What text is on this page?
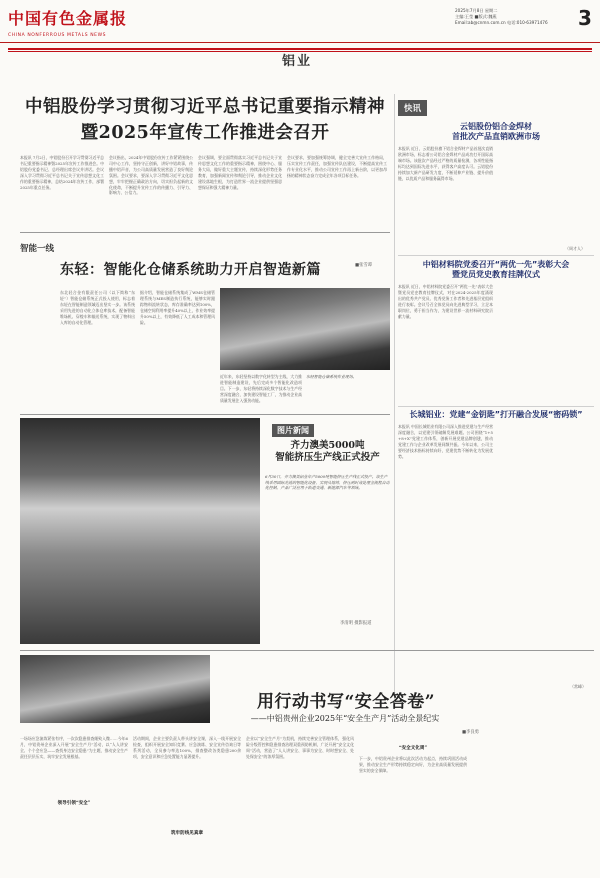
中国有色金属报
CHINA NONFERROUS METALS NEWS
铝业
2025年7月8日 星期二
主编:王莹 ■版式:魏燕
Email:ab@cnmn.com.cn 电话:010-63971476 3
中铝股份学习贯彻习近平总书记重要指示精神
暨2025年宣传工作推进会召开
本报讯 7月2日，中铝股份召开学习贯彻习近平总书记重要指示精神暨2025年宣传工作推进会。中铝股份党委书记、总经理出席会议并讲话。会议深入学习贯彻习近平总书记关于宣传思想文化工作的重要指示精神，总结2024年宣传工作，部署2025年重点任务。
会议指出，2024年中铝股份宣传工作紧紧围绕公司中心工作，坚持守正创新，讲好中铝故事，传播中铝声音，为公司高质量发展营造了良好舆论氛围。会议要求，要深入学习贯彻习近平文化思想，牢牢把握正确政治方向，切实担负起新的文化使命，不断提升宣传工作的传播力、引导力、影响力、公信力。
会议强调，要全面贯彻落实习近平总书记关于宣传思想文化工作的重要指示精神，围绕中心、服务大局，做好重大主题宣传，持续深化形势任务教育，加强新闻宣传和舆论引导，推动企业文化建设落地生根，为打造世界一流企业提供坚强思想保证和强大精神力量。
会议要求，要加强统筹协调，健全完善大宣传工作格局，压实宣传工作责任，加强宣传队伍建设，不断提高宣传工作专业化水平，推动公司宣传工作再上新台阶，以更加昂扬的精神状态奋力完成全年各项目标任务。
快讯
云铝股份铝合金焊材
首批次产品直销欧洲市场
本报讯 近日，云铝股份旗下铝合金焊材产品首批次直销欧洲市场，标志着公司铝合金焊材产品成功打开国际高端市场。该批次产品经过严格的质量检测，各项性能指标均达到国际先进水平，获得客户高度认可。云铝股份持续加大新产品研发力度，不断延伸产业链、提升价值链，以优质产品和服务赢得市场。
（周才人）
中铝材料院党委召开“两优一先”表彰大会
暨党员党史教育挂牌仪式
本报讯 近日，中铝材料院党委召开“两优一先”表彰大会暨党员党史教育挂牌仪式，对在2024-2025年度涌现出的优秀共产党员、优秀党务工作者和先进基层党组织进行表彰。会议号召全体党员向先进典型学习，立足本职岗位，勇于担当作为，为建设世界一流材料研究院贡献力量。
长城铝业：党建“金钥匙”打开融合发展“密码锁”
本报讯 中国长城铝业有限公司深入推进党建与生产经营深度融合，以党建引领破解发展难题。公司围绕“1+5+8+X”党建工作体系，创新开展党建品牌创建，推动党建工作与企业改革发展同频共振。今年以来，公司主要经济技术指标持续向好，党建优势不断转化为发展优势。
（常峰）
智能一线
东轻：智能化仓储系统助力开启智造新篇	■张雪谭
东北轻合金有限责任公司（以下简称“东轻”）智能仓储系统正式投入使用，标志着东轻在智能制造领域迈出坚实一步。该系统采用先进的自动化立体仓库技术，配备智能堆垛机、穿梭车和输送系统，实现了物料出入库的自动化管理。
据介绍，智能仓储系统集成了WMS仓储管理系统与MES制造执行系统，能够实时跟踪物料流转状态，库存准确率达到100%，仓储空间利用率提升40%以上，作业效率提升50%以上，有效降低了人工成本和管理风险。
近年来，东轻坚持以数字化转型为主线，大力推进智能制造建设，先后完成多个智能化改造项目。下一步，东轻将持续深化数字技术与生产经营深度融合，加快建设智能工厂，为推动企业高质量发展注入强劲动能。
东轻智能仓储系统作业现场。
图片新闻
齐力澳美5000吨
智能挤压生产线正式投产
6月30日，齐力澳美铝业年产5000吨智能挤压生产线正式投产。该生产线采用国际先进的智能化设备，实现从熔铸、挤压到时效处理全流程自动化控制，产品广泛应用于轨道交通、新能源汽车等领域。
李清明 摄影报道
用行动书写“安全答卷”
——中铝贵州企业2025年“安全生产月”活动全景纪实
■李良勇
一场场应急演练紧张有序，一次次隐患排查细致入微……今年6月，中铝贵州企业深入开展“安全生产月”活动，以“人人讲安全、个个会应急——查找身边安全隐患”为主题，推动安全生产责任层层压实，筑牢安全发展根基。
领导引领“安全”
活动期间，企业主要负责人带头讲安全课，深入一线开展安全检查，组织开展安全知识竞赛、应急演练、安全宣传咨询日等系列活动，全员参与率达100%，排查整改各类隐患200余项，安全意识和应急处置能力显著提升。
筑牢防线见真章
企业以“安全生产月”为契机，持续完善安全管理体系，强化风险分级管控和隐患排查治理双重预防机制，广泛开展“安全文化周”活动，营造了“人人讲安全、事事为安全、时时想安全、处处保安全”的浓厚氛围。
“安全文化周”
下一步，中铝贵州企业将以此次活动为起点，持续巩固活动成果，推动安全生产形势持续稳定向好，为企业高质量发展提供坚实的安全保障。
